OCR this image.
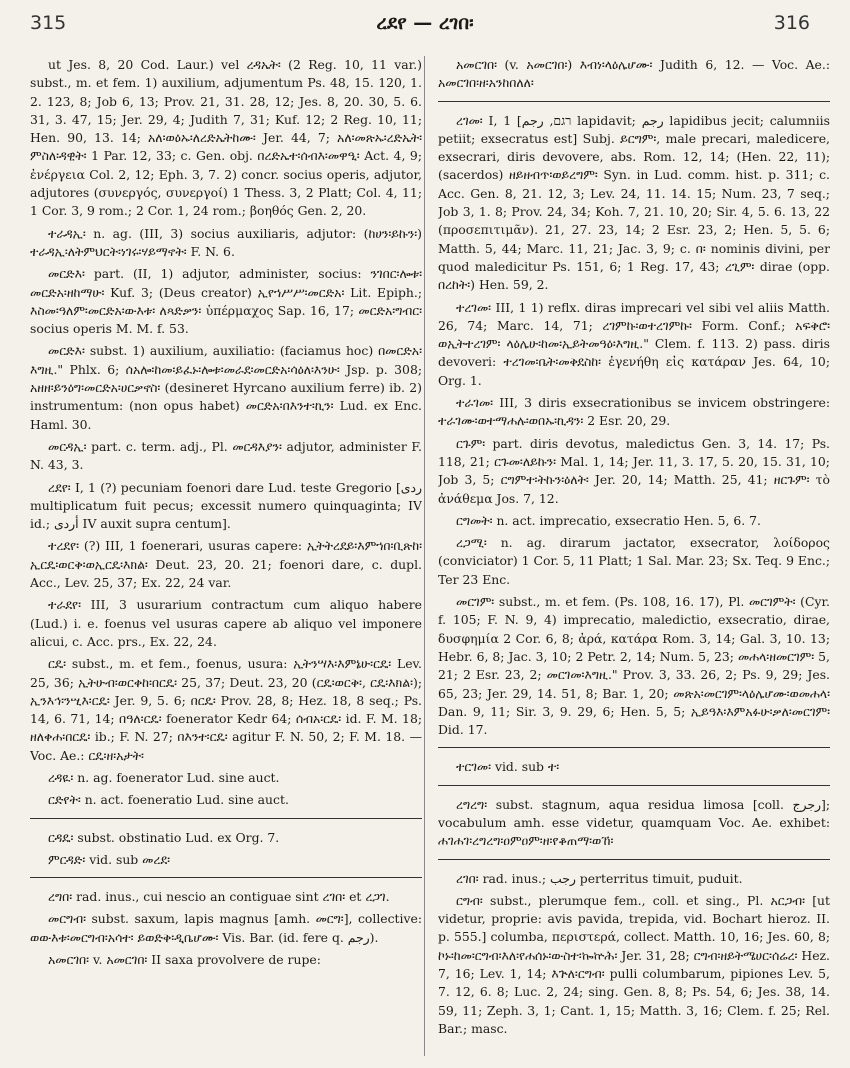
315	ረደየ — ረገበ፡	316

ut Jes. 8, 20 Cod. Laur.) vel ረዳኤት፡ (2 Reg. 10, 11 var.) subst., m. et fem. 1) auxilium, adjumentum Ps. 48, 15. 120, 1. 2. 123, 8; Job 6, 13; Prov. 21, 31. 28, 12; Jes. 8, 20. 30, 5. 6. 31, 3. 47, 15; Jer. 29, 4; Judith 7, 31; Kuf. 12; 2 Reg. 10, 11; Hen. 90, 13. 14; አለ፡ወዕኡ፡ለረድኤትከሙ፡ Jer. 44, 7; አለ፡መጽኡ፡ረድኤት፡ምስለ፡ዳዊት፡ 1 Par. 12, 33; c. Gen. obj. በረድኤተ፡ሰብእ፡መዋዒ፡ Act. 4, 9; ἐνέργεια Col. 2, 12; Eph. 3, 7. 2) concr. socius operis, adjutor, adjutores (συνεργός, συνεργοί) 1 Thess. 3, 2 Platt; Col. 4, 11; 1 Cor. 3, 9 rom.; 2 Cor. 1, 24 rom.; βοηθός Gen. 2, 20.

ተራዳኢ፡ n. ag. (III, 3) socius auxiliaris, adjutor: (ከሀን፡ይኩን፡) ተራዳኢ፡ለትምህርት፡ነገሩ፡ሃይማኖት፡ F. N. 6.

መርድእ፡ part. (II, 1) adjutor, administer, socius: ንገበር፡ሎቱ፡መርድአ፡ዘከማሁ፡ Kuf. 3; (Deus creator) ኢየኀሥሥ፡መርድአ፡ Lit. Epiph.; እስመ፡ዓለም፡መርድአ፡ውእቱ፡ ለጻድቃን፡ ὑπέρμαχος Sap. 16, 17; መርድአ፡ግብር፡ socius operis M. M. f. 53.

መርድእ፡ subst. 1) auxilium, auxiliatio: (faciamus hoc) በመርድአ፡እግዚ." Phlx. 6; ሰአሎ፡ከመ፡ይፈኑ፡ሎቱ፡መራደ፡መርድአ፡ሳዕለ፡እንሁ፡ Jsp. p. 308; አዘዘ፡ይንዕግ፡መርድአ፡ሀርቃኖስ፡ (desineret Hyrcano auxilium ferre) ib. 2) instrumentum: (non opus habet) መርድአ፡በእንተ፡ኪን፡ Lud. ex Enc. Haml. 30.

መርዳኢ፡ part. c. term. adj., Pl. መርዳእያን፡ adjutor, administer F. N. 43, 3.

ረደየ፡ I, 1 (?) pecuniam foenori dare Lud. teste Gregorio [ردى multiplicatum fuit pecus; excessit numero quinquaginta; IV id.; أردى IV auxit supra centum].

ተረደየ፡ (?) III, 1 foenerari, usuras capere: ኢትትረደይ፡እምኀበ፡ቢጽከ፡ኢርዴ፡ወርቅ፡ወኢርዴ፡እክል፡ Deut. 23, 20. 21; foenori dare, c. dupl. Acc., Lev. 25, 37; Ex. 22, 24 var.

ተራደየ፡ III, 3 usurarium contractum cum aliquo habere (Lud.) i. e. foenus vel usuras capere ab aliquo vel imponere alicui, c. Acc. prs., Ex. 22, 24.

ርዴ፡ subst., m. et fem., foenus, usura: ኢትንሣእ፡እምኔሁ፡ርዴ፡ Lev. 25, 36; ኢትሁብ፡ወርቀከ፡በርዴ፡ 25, 37; Deut. 23, 20 (ርዴ፡ወርቅ፡, ርዴ፡እክል፡); ኢንእኅ፡ንሢእ፡ርዴ፡ Jer. 9, 5. 6; በርዴ፡ Prov. 28, 8; Hez. 18, 8 seq.; Ps. 14, 6. 71, 14; በዓለ፡ርዴ፡ foenerator Kedr 64; ሰብአ፡ርዴ፡ id. F. M. 18; ዘለቀሐ፡በርዴ፡ ib.; F. N. 27; በእንተ፡ርዴ፡ agitur F. N. 50, 2; F. M. 18. — Voc. Ae.: ርዴ፡ዘ፡አታት፡

ረዳዪ፡ n. ag. foenerator Lud. sine auct.

ርድየት፡ n. act. foeneratio Lud. sine auct.

ርዳዴ፡ subst. obstinatio Lud. ex Org. 7.

ምርዳድ፡ vid. sub መረደ፡

ረግበ፡ rad. inus., cui nescio an contiguae sint ረገበ፡ et ረጋገ.

መርግብ፡ subst. saxum, lapis magnus [amh. መርግ፡], collective: ወውእቱ፡መርግብ፡አሳተ፡ ይወድቅ፡ዲቤሆሙ፡ Vis. Bar. (id. fere q. رجم).

አመርገበ፡ v. አመርገበ፡ II saxa provolvere de rupe:

አመርገበ፡ (v. አመርገበ፡) እብነ፡ላዕሌሆሙ፡ Judith 6, 12. — Voc. Ae.: አመርገበ፡ዘ፡አንከበለለ፡

ረገመ፡ I, 1 [רגם, رجم lapidavit; رجم lapidibus jecit; calumniis petiit; exsecratus est] Subj. ይርግም፡, male precari, maledicere, exsecrari, diris devovere, abs. Rom. 12, 14; (Hen. 22, 11); (sacerdos) ዘይዘብጥ፡ወይረግም፡ Syn. in Lud. comm. hist. p. 311; c. Acc. Gen. 8, 21. 12, 3; Lev. 24, 11. 14. 15; Num. 23, 7 seq.; Job 3, 1. 8; Prov. 24, 34; Koh. 7, 21. 10, 20; Sir. 4, 5. 6. 13, 22 (προσεπιτιμᾶν). 21, 27. 23, 14; 2 Esr. 23, 2; Hen. 5, 5. 6; Matth. 5, 44; Marc. 11, 21; Jac. 3, 9; c. በ፡ nominis divini, per quod maledicitur Ps. 151, 6; 1 Reg. 17, 43; ረጊም፡ dirae (opp. በረከት፡) Hen. 59, 2.

ተረገመ፡ III, 1 1) reflx. diras imprecari vel sibi vel aliis Matth. 26, 74; Marc. 14, 71; ረገምኩ፡ወተረገምኩ፡ Form. Conf.; አፍቅሮ፡ወኢትተረገም፡ ላዕሌሁ፡ከመ፡ኢይትመዓዕ፡እግዚ." Clem. f. 113. 2) pass. diris devoveri: ተረገመ፡ቤት፡መቅደስከ፡ ἐγενήθη εἰς κατάραν Jes. 64, 10; Org. 1.

ተራገመ፡ III, 3 diris exsecrationibus se invicem obstringere: ተራገሙ፡ወተማሐሉ፡ወበኡ፡ኪዳን፡ 2 Esr. 20, 29.

ርጉም፡ part. diris devotus, maledictus Gen. 3, 14. 17; Ps. 118, 21; ርጉመ፡ለይኩን፡ Mal. 1, 14; Jer. 11, 3. 17, 5. 20, 15. 31, 10; Job 3, 5; ርግምተ፡ትኩን፡ዕለት፡ Jer. 20, 14; Matth. 25, 41; ዘርጉም፡ τὸ ἀνάθεμα Jos. 7, 12.

ርግመት፡ n. act. imprecatio, exsecratio Hen. 5, 6. 7.

ረጋሚ፡ n. ag. dirarum jactator, exsecrator, λοίδορος (conviciator) 1 Cor. 5, 11 Platt; 1 Sal. Mar. 23; Sx. Teq. 9 Enc.; Ter 23 Enc.

መርገም፡ subst., m. et fem. (Ps. 108, 16. 17), Pl. መርገምት፡ (Cyr. f. 105; F. N. 9, 4) imprecatio, maledictio, exsecratio, dirae, δυσφημία 2 Cor. 6, 8; ἀρά, κατάρα Rom. 3, 14; Gal. 3, 10. 13; Hebr. 6, 8; Jac. 3, 10; 2 Petr. 2, 14; Num. 5, 23; መሐላ፡ዘመርገም፡ 5, 21; 2 Esr. 23, 2; መርገመ፡እግዚ." Prov. 3, 33. 26, 2; Ps. 9, 29; Jes. 65, 23; Jer. 29, 14. 51, 8; Bar. 1, 20; መጽአ፡መርገም፡ላዕሌሆሙ፡ወመሐላ፡ Dan. 9, 11; Sir. 3, 9. 29, 6; Hen. 5, 5; ኢይዓእ፡እምአፉሁ፡ቃለ፡መርገም፡ Did. 17.

ተርገመ፡ vid. sub ተ፡

ረግረግ፡ subst. stagnum, aqua residua limosa [coll. رجرج]; vocabulum amh. esse videtur, quamquam Voc. Ae. exhibet: ሐገሐገ፡ረግረግ፡ዐምዐም፡ዘ፡የቆጠማ፡ወኸ፡

ረገበ፡ rad. inus.; رجب perterritus timuit, puduit.

ርግብ፡ subst., plerumque fem., coll. et sing., Pl. አርጋብ፡ [ut videtur, proprie: avis pavida, trepida, vid. Bochart hieroz. II. p. 555.] columba, περιστερά, collect. Matth. 10, 16; Jes. 60, 8; ኮኑ፡ከመ፡ርግብ፡እለ፡የሐሰኑ፡ውስተ፡ኰኵሕ፡ Jer. 31, 28; ርግብ፡ዘይትሜሀር፡ሰሬረ፡ Hez. 7, 16; Lev. 1, 14; እጕለ፡ርግብ፡ pulli columbarum, pipiones Lev. 5, 7. 12, 6. 8; Luc. 2, 24; sing. Gen. 8, 8; Ps. 54, 6; Jes. 38, 14. 59, 11; Zeph. 3, 1; Cant. 1, 15; Matth. 3, 16; Clem. f. 25; Rel. Bar.; masc.
